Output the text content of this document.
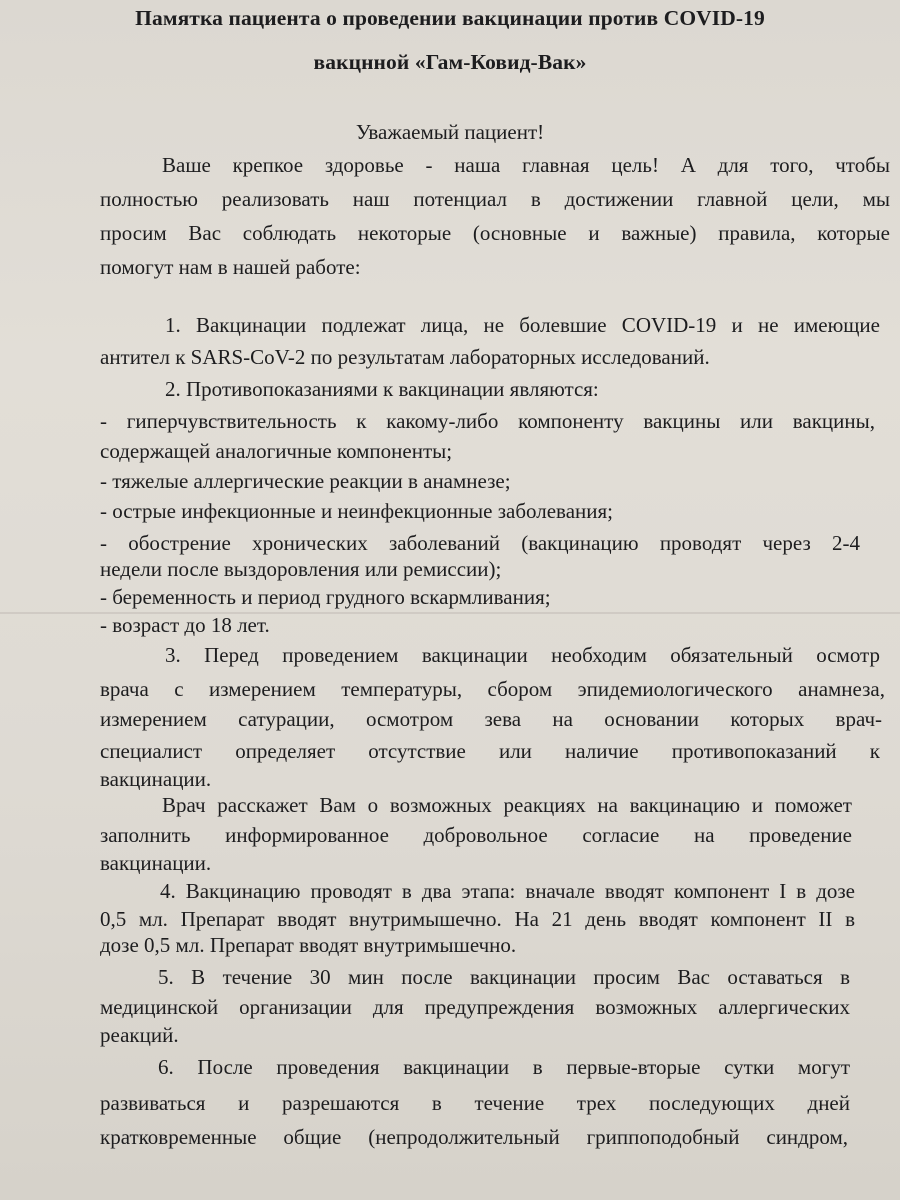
Памятка пациента о проведении вакцинации против COVID-19
вакцнной «Гам-Ковид-Вак»
Уважаемый пациент!
Ваше крепкое здоровье - наша главная цель! А для того, чтобы
полностью реализовать наш потенциал в достижении главной цели, мы
просим Вас соблюдать некоторые (основные и важные) правила, которые
помогут нам в нашей работе:
1. Вакцинации подлежат лица, не болевшие COVID-19 и не имеющие
антител к SARS-CoV-2 по результатам лабораторных исследований.
2. Противопоказаниями к вакцинации являются:
- гиперчувствительность к какому-либо компоненту вакцины или вакцины,
содержащей аналогичные компоненты;
- тяжелые аллергические реакции в анамнезе;
- острые инфекционные и неинфекционные заболевания;
- обострение хронических заболеваний (вакцинацию проводят через 2-4
недели после выздоровления или ремиссии);
- беременность и период грудного вскармливания;
- возраст до 18 лет.
3. Перед проведением вакцинации необходим обязательный осмотр
врача с измерением температуры, сбором эпидемиологического анамнеза,
измерением сатурации, осмотром зева на основании которых врач-
специалист определяет отсутствие или наличие противопоказаний к
вакцинации.
Врач расскажет Вам о возможных реакциях на вакцинацию и поможет
заполнить информированное добровольное согласие на проведение
вакцинации.
4. Вакцинацию проводят в два этапа: вначале вводят компонент I в дозе
0,5 мл. Препарат вводят внутримышечно. На 21 день вводят компонент II в
дозе 0,5 мл. Препарат вводят внутримышечно.
5. В течение 30 мин после вакцинации просим Вас оставаться в
медицинской организации для предупреждения возможных аллергических
реакций.
6. После проведения вакцинации в первые-вторые сутки могут
развиваться и разрешаются в течение трех последующих дней
кратковременные общие (непродолжительный гриппоподобный синдром,
